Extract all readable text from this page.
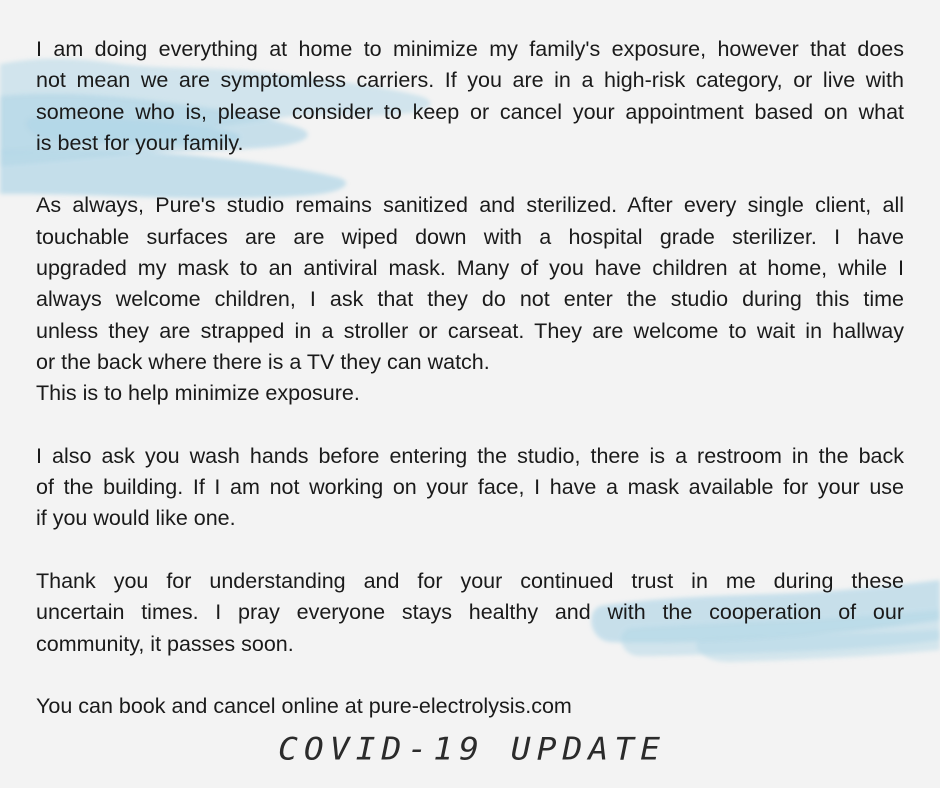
I am doing everything at home to minimize my family's exposure, however that does
not mean we are symptomless carriers. If you are in a high-risk category, or live with
someone who is, please consider to keep or cancel your appointment based on what
is best for your family.

As always, Pure's studio remains sanitized and sterilized. After every single client, all
touchable surfaces are are wiped down with a hospital grade sterilizer. I have
upgraded my mask to an antiviral mask. Many of you have children at home, while I
always welcome children, I ask that they do not enter the studio during this time
unless they are strapped in a stroller or carseat. They are welcome to wait in hallway
or the back where there is a TV they can watch.
This is to help minimize exposure.

I also ask you wash hands before entering the studio, there is a restroom in the back
of the building. If I am not working on your face, I have a mask available for your use
if you would like one.

Thank you for understanding and for your continued trust in me during these
uncertain times. I pray everyone stays healthy and with the cooperation of our
community, it passes soon.

You can book and cancel online at pure-electrolysis.com

COVID-19 UPDATE
